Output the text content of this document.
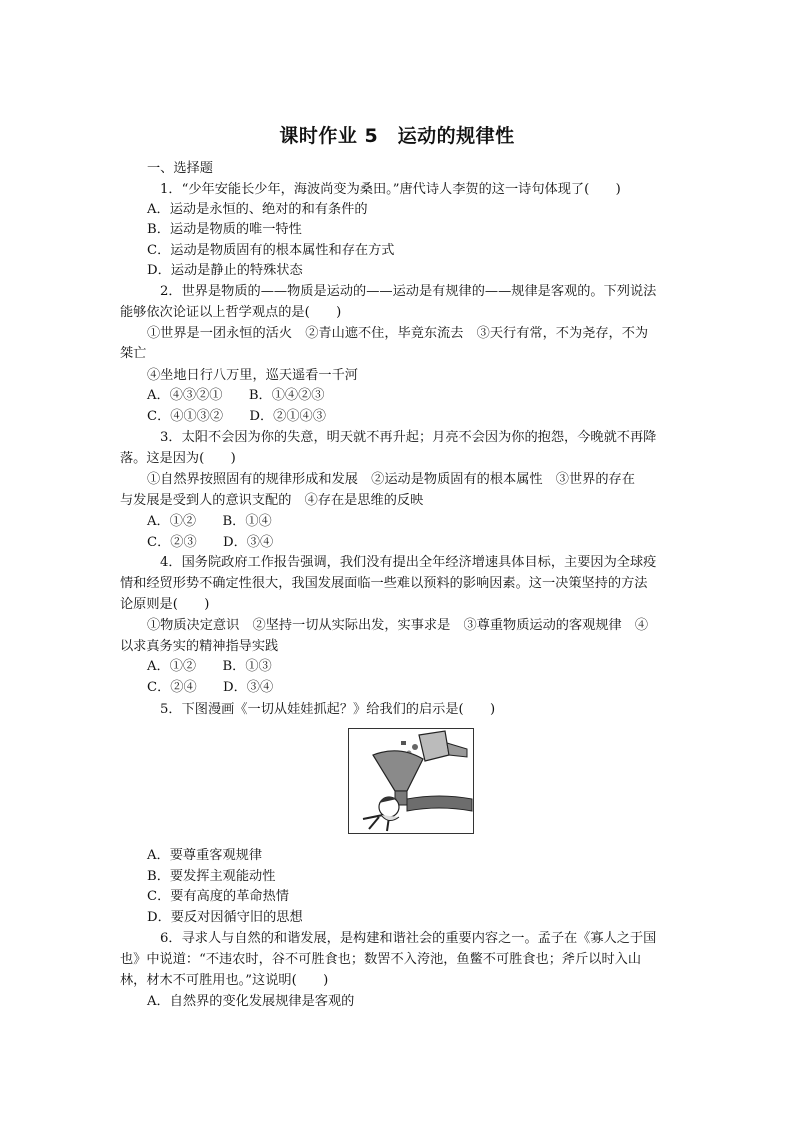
课时作业 5　运动的规律性
一、选择题
1．“少年安能长少年，海波尚变为桑田。”唐代诗人李贺的这一诗句体现了(　　)
A．运动是永恒的、绝对的和有条件的
B．运动是物质的唯一特性
C．运动是物质固有的根本属性和存在方式
D．运动是静止的特殊状态
2．世界是物质的——物质是运动的——运动是有规律的——规律是客观的。下列说法
能够依次论证以上哲学观点的是(　　)
①世界是一团永恒的活火　②青山遮不住，毕竟东流去　③天行有常，不为尧存，不为
桀亡
④坐地日行八万里，巡天遥看一千河
A．④③②①　　B．①④②③
C．④①③②　　D．②①④③
3．太阳不会因为你的失意，明天就不再升起；月亮不会因为你的抱怨，今晚就不再降
落。这是因为(　　)
①自然界按照固有的规律形成和发展　②运动是物质固有的根本属性　③世界的存在
与发展是受到人的意识支配的　④存在是思维的反映
A．①②　　B．①④
C．②③　　D．③④
4．国务院政府工作报告强调，我们没有提出全年经济增速具体目标，主要因为全球疫
情和经贸形势不确定性很大，我国发展面临一些难以预料的影响因素。这一决策坚持的方法
论原则是(　　)
①物质决定意识　②坚持一切从实际出发，实事求是　③尊重物质运动的客观规律　④
以求真务实的精神指导实践
A．①②　　B．①③
C．②④　　D．③④
5．下图漫画《一切从娃娃抓起？》给我们的启示是(　　)
A．要尊重客观规律
B．要发挥主观能动性
C．要有高度的革命热情
D．要反对因循守旧的思想
6．寻求人与自然的和谐发展，是构建和谐社会的重要内容之一。孟子在《寡人之于国
也》中说道：“不违农时，谷不可胜食也；数罟不入洿池，鱼鳖不可胜食也；斧斤以时入山
林，材木不可胜用也。”这说明(　　)
A．自然界的变化发展规律是客观的
